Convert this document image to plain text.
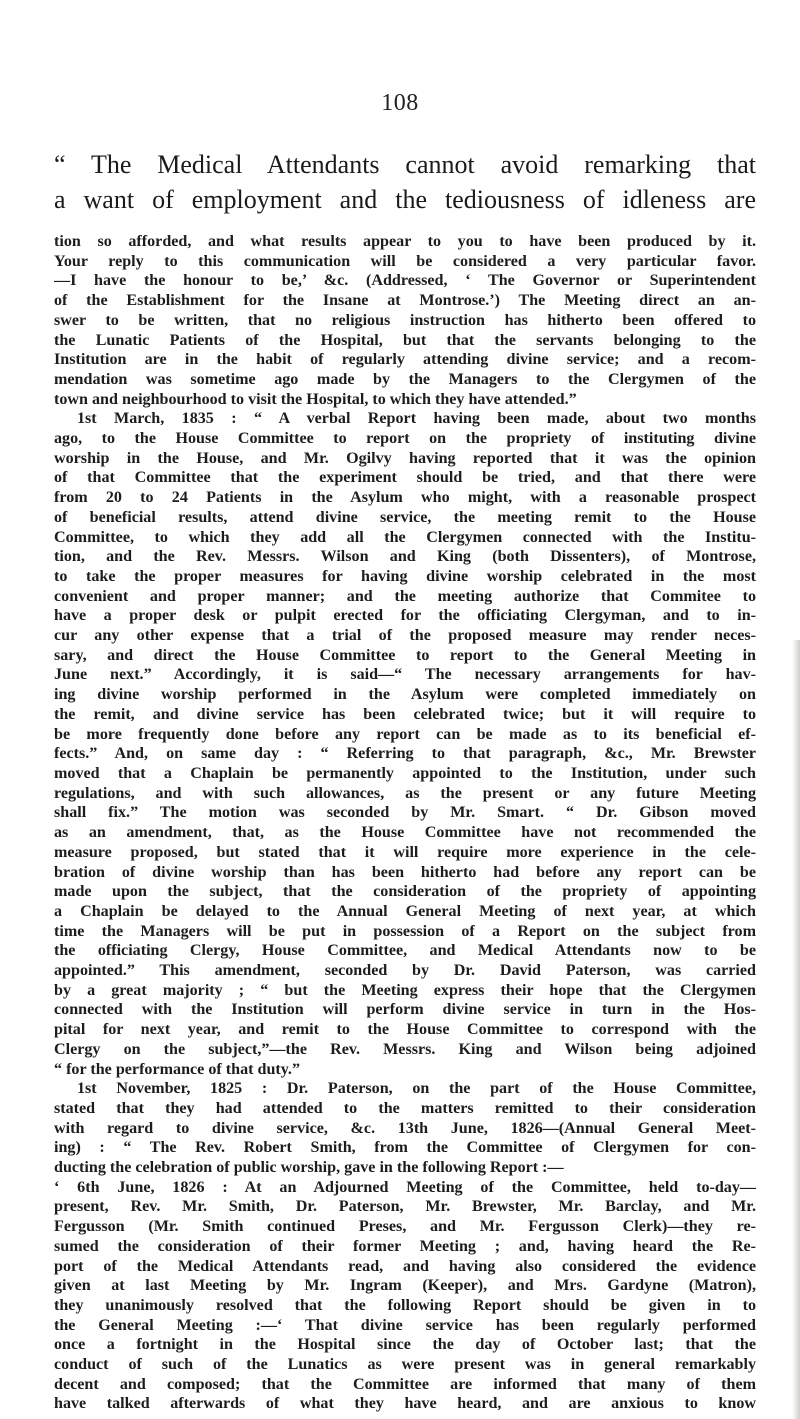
108
“ The Medical Attendants cannot avoid remarking that
a want of employment and the tediousness of idleness are
tion so afforded, and what results appear to you to have been produced by it.
Your reply to this communication will be considered a very particular favor.
—I have the honour to be,’ &c. (Addressed, ‘ The Governor or Superintendent
of the Establishment for the Insane at Montrose.’) The Meeting direct an an-
swer to be written, that no religious instruction has hitherto been offered to
the Lunatic Patients of the Hospital, but that the servants belonging to the
Institution are in the habit of regularly attending divine service; and a recom-
mendation was sometime ago made by the Managers to the Clergymen of the
town and neighbourhood to visit the Hospital, to which they have attended.”
1st March, 1835 : “ A verbal Report having been made, about two months
ago, to the House Committee to report on the propriety of instituting divine
worship in the House, and Mr. Ogilvy having reported that it was the opinion
of that Committee that the experiment should be tried, and that there were
from 20 to 24 Patients in the Asylum who might, with a reasonable prospect
of beneficial results, attend divine service, the meeting remit to the House
Committee, to which they add all the Clergymen connected with the Institu-
tion, and the Rev. Messrs. Wilson and King (both Dissenters), of Montrose,
to take the proper measures for having divine worship celebrated in the most
convenient and proper manner; and the meeting authorize that Commitee to
have a proper desk or pulpit erected for the officiating Clergyman, and to in-
cur any other expense that a trial of the proposed measure may render neces-
sary, and direct the House Committee to report to the General Meeting in
June next.” Accordingly, it is said—“ The necessary arrangements for hav-
ing divine worship performed in the Asylum were completed immediately on
the remit, and divine service has been celebrated twice; but it will require to
be more frequently done before any report can be made as to its beneficial ef-
fects.” And, on same day : “ Referring to that paragraph, &c., Mr. Brewster
moved that a Chaplain be permanently appointed to the Institution, under such
regulations, and with such allowances, as the present or any future Meeting
shall fix.” The motion was seconded by Mr. Smart. “ Dr. Gibson moved
as an amendment, that, as the House Committee have not recommended the
measure proposed, but stated that it will require more experience in the cele-
bration of divine worship than has been hitherto had before any report can be
made upon the subject, that the consideration of the propriety of appointing
a Chaplain be delayed to the Annual General Meeting of next year, at which
time the Managers will be put in possession of a Report on the subject from
the officiating Clergy, House Committee, and Medical Attendants now to be
appointed.” This amendment, seconded by Dr. David Paterson, was carried
by a great majority ; “ but the Meeting express their hope that the Clergymen
connected with the Institution will perform divine service in turn in the Hos-
pital for next year, and remit to the House Committee to correspond with the
Clergy on the subject,”—the Rev. Messrs. King and Wilson being adjoined
“ for the performance of that duty.”
1st November, 1825 : Dr. Paterson, on the part of the House Committee,
stated that they had attended to the matters remitted to their consideration
with regard to divine service, &c. 13th June, 1826—(Annual General Meet-
ing) : “ The Rev. Robert Smith, from the Committee of Clergymen for con-
ducting the celebration of public worship, gave in the following Report :—
‘ 6th June, 1826 : At an Adjourned Meeting of the Committee, held to-day—
present, Rev. Mr. Smith, Dr. Paterson, Mr. Brewster, Mr. Barclay, and Mr.
Fergusson (Mr. Smith continued Preses, and Mr. Fergusson Clerk)—they re-
sumed the consideration of their former Meeting ; and, having heard the Re-
port of the Medical Attendants read, and having also considered the evidence
given at last Meeting by Mr. Ingram (Keeper), and Mrs. Gardyne (Matron),
they unanimously resolved that the following Report should be given in to
the General Meeting :—‘ That divine service has been regularly performed
once a fortnight in the Hospital since the day of October last; that the
conduct of such of the Lunatics as were present was in general remarkably
decent and composed; that the Committee are informed that many of them
have talked afterwards of what they have heard, and are anxious to know
